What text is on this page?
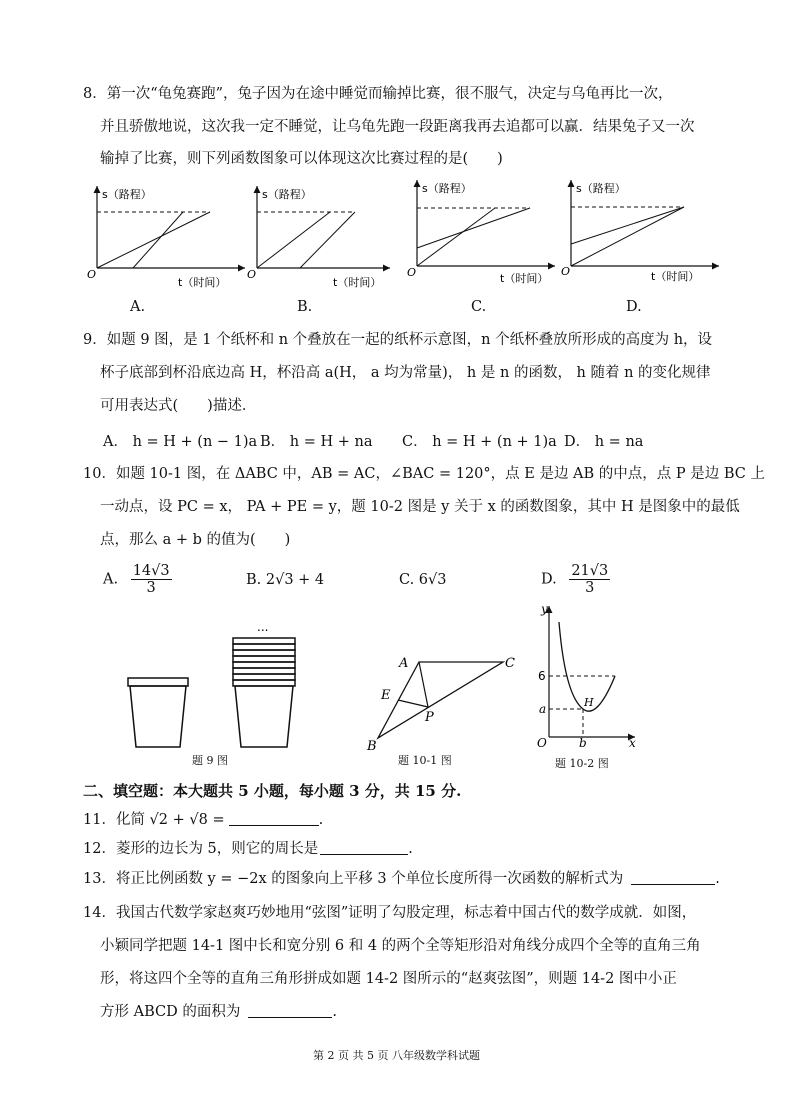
8．第一次“龟兔赛跑”，兔子因为在途中睡觉而输掉比赛，很不服气，决定与乌龟再比一次，
并且骄傲地说，这次我一定不睡觉，让乌龟先跑一段距离我再去追都可以赢．结果兔子又一次
输掉了比赛，则下列函数图象可以体现这次比赛过程的是(　　)
s（路程）
t（时间）
O
s（路程）
t（时间）
O
s（路程）
t（时间）
O
s（路程）
t（时间）
O
A.	B.	C.	D.
9．如题 9 图，是 1 个纸杯和 n 个叠放在一起的纸杯示意图，n 个纸杯叠放所形成的高度为 h，设
杯子底部到杯沿底边高 H，杯沿高 a(H， a 均为常量)， h 是 n 的函数， h 随着 n 的变化规律
可用表达式(　　)描述．
A． h = H + (n − 1)a B． h = H + na C． h = H + (n + 1)a D． h = na
10．如题 10-1 图，在 ΔABC 中，AB = AC，∠BAC = 120°，点 E 是边 AB 的中点，点 P 是边 BC 上
一动点，设 PC = x， PA + PE = y，题 10-2 图是 y 关于 x 的函数图象，其中 H 是图象中的最低
点，那么 a + b 的值为(　　)
A. $\frac{14√3}{3}$	B. 2√3 + 4	C. 6√3	D. $\frac{21√3}{3}$
...
题 9 图
A	C
E
P
B
题 10-1 图
y
x
O
6
a
b
H
题 10-2 图
二、填空题：本大题共 5 小题，每小题 3 分，共 15 分.
11．化简 √2 + √8 =	.
12．菱形的边长为 5，则它的周长是	.
13．将正比例函数 y = −2x 的图象向上平移 3 个单位长度所得一次函数的解析式为	.
14．我国古代数学家赵爽巧妙地用“弦图”证明了勾股定理，标志着中国古代的数学成就．如图，
小颖同学把题 14-1 图中长和宽分别 6 和 4 的两个全等矩形沿对角线分成四个全等的直角三角
形，将这四个全等的直角三角形拼成如题 14-2 图所示的“赵爽弦图”，则题 14-2 图中小正
方形 ABCD 的面积为	.
第 2 页 共 5 页 八年级数学科试题
